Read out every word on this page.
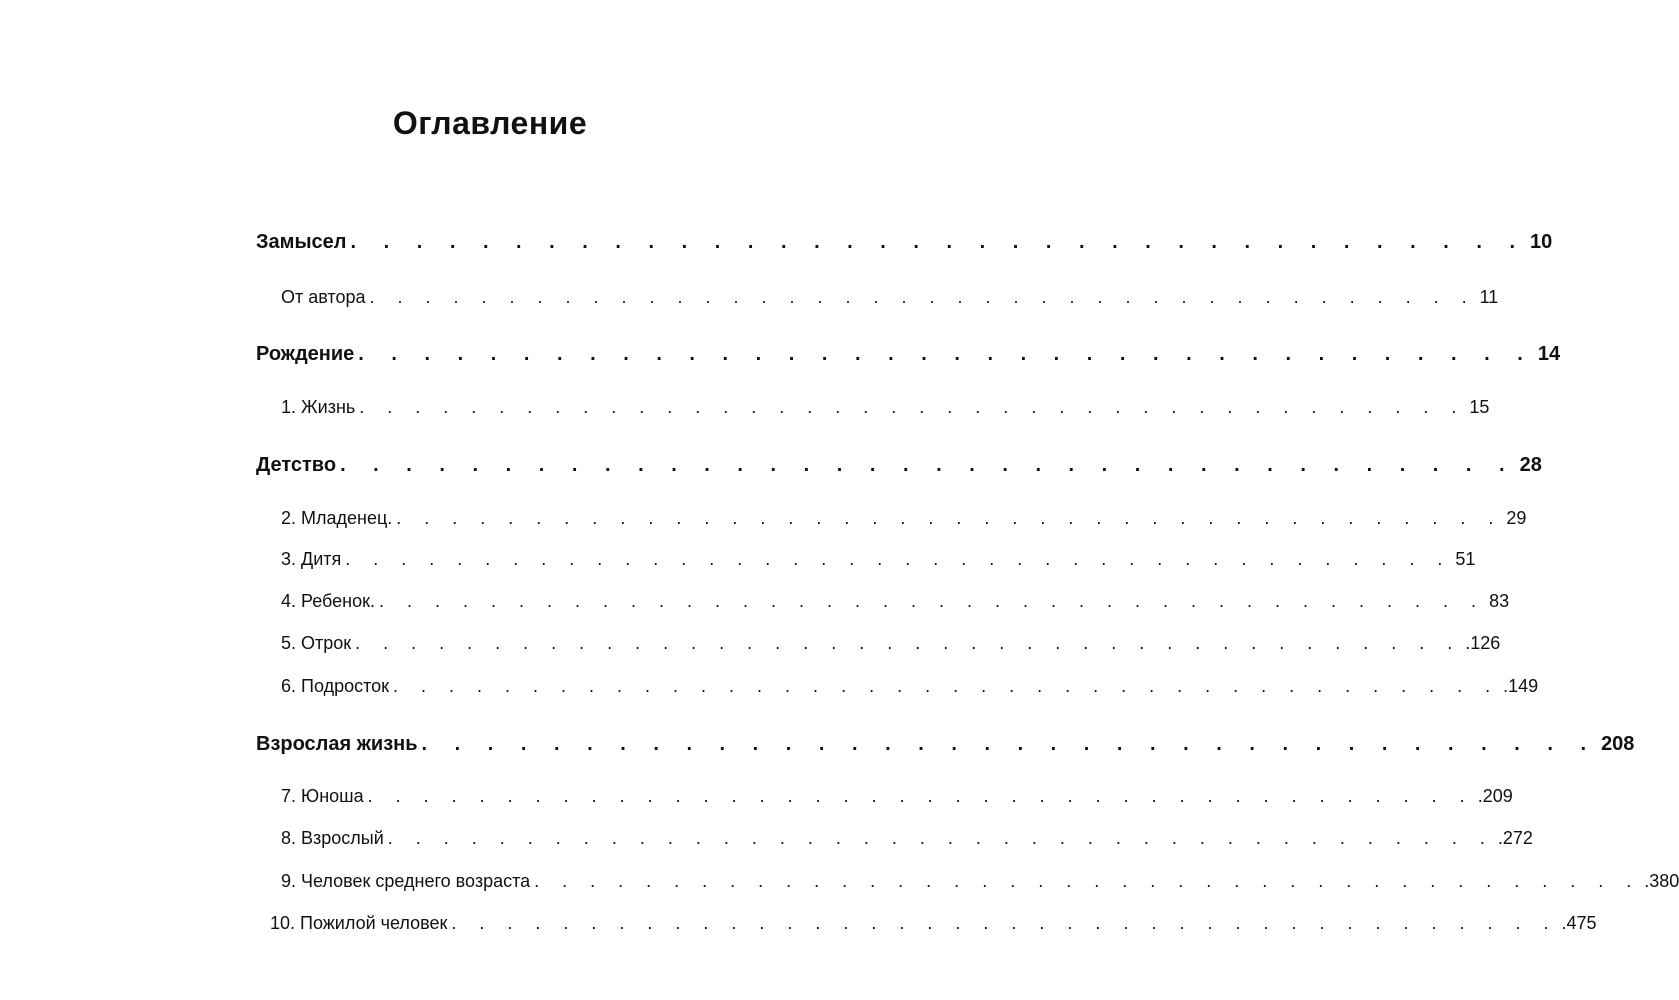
Оглавление
Замысел . . . . . . . . . . . . . . . . . . . . . . . . . . . . . . . . . . . . 10
От автора . . . . . . . . . . . . . . . . . . . . . . . . . . . . . . . . . . . . . . . . 11
Рождение . . . . . . . . . . . . . . . . . . . . . . . . . . . . . . . . . . . . 14
1. Жизнь . . . . . . . . . . . . . . . . . . . . . . . . . . . . . . . . . . . . . . . . 15
Детство . . . . . . . . . . . . . . . . . . . . . . . . . . . . . . . . . . . . 28
2. Младенец. . . . . . . . . . . . . . . . . . . . . . . . . . . . . . . . . . . . . . . . . 29
3. Дитя . . . . . . . . . . . . . . . . . . . . . . . . . . . . . . . . . . . . . . . . 51
4. Ребенок. . . . . . . . . . . . . . . . . . . . . . . . . . . . . . . . . . . . . . . . . 83
5. Отрок . . . . . . . . . . . . . . . . . . . . . . . . . . . . . . . . . . . . . . . . .126
6. Подросток . . . . . . . . . . . . . . . . . . . . . . . . . . . . . . . . . . . . . . . . .149
Взрослая жизнь . . . . . . . . . . . . . . . . . . . . . . . . . . . . . . . . . . . . 208
7. Юноша . . . . . . . . . . . . . . . . . . . . . . . . . . . . . . . . . . . . . . . . .209
8. Взрослый . . . . . . . . . . . . . . . . . . . . . . . . . . . . . . . . . . . . . . . . .272
9. Человек среднего возраста . . . . . . . . . . . . . . . . . . . . . . . . . . . . . . . . . . . . . . . . .380
10. Пожилой человек . . . . . . . . . . . . . . . . . . . . . . . . . . . . . . . . . . . . . . . . .475
